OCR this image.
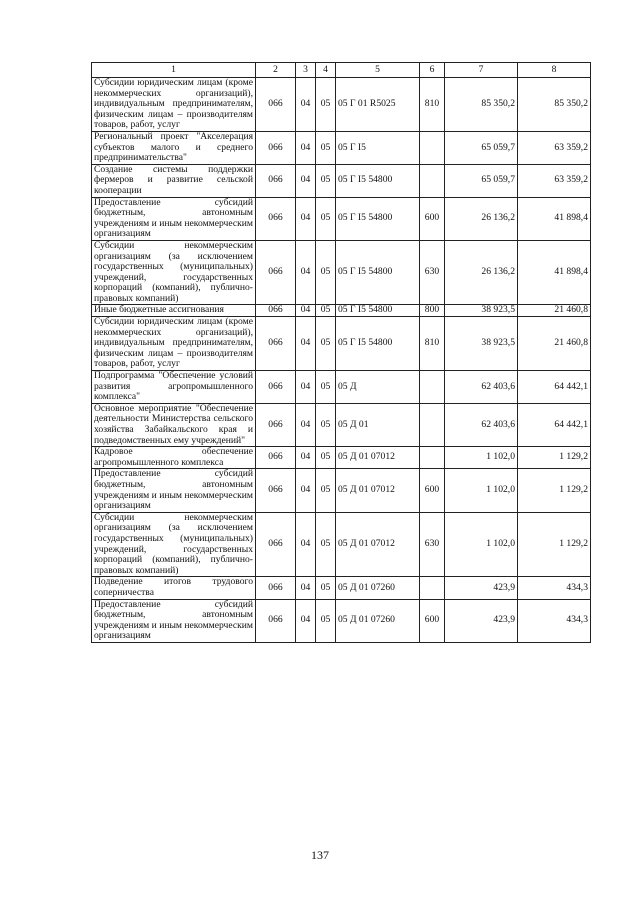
1	2	3	4	5	6	7	8
Субсидии юридическим лицам (кроме некоммерческих организаций), индивидуальным предпринимателям, физическим лицам – производителям товаров, работ, услуг	066	04	05	05 Г 01 R5025	810	85 350,2	85 350,2
Региональный проект "Акселерация субъектов малого и среднего предпринимательства"	066	04	05	05 Г I5		65 059,7	63 359,2
Создание системы поддержки фермеров и развитие сельской кооперации	066	04	05	05 Г I5 54800		65 059,7	63 359,2
Предоставление субсидий бюджетным, автономным учреждениям и иным некоммерческим организациям	066	04	05	05 Г I5 54800	600	26 136,2	41 898,4
Субсидии некоммерческим организациям (за исключением государственных (муниципальных) учреждений, государственных корпораций (компаний), публично-правовых компаний)	066	04	05	05 Г I5 54800	630	26 136,2	41 898,4
Иные бюджетные ассигнования	066	04	05	05 Г I5 54800	800	38 923,5	21 460,8
Субсидии юридическим лицам (кроме некоммерческих организаций), индивидуальным предпринимателям, физическим лицам – производителям товаров, работ, услуг	066	04	05	05 Г I5 54800	810	38 923,5	21 460,8
Подпрограмма "Обеспечение условий развития агропромышленного комплекса"	066	04	05	05 Д		62 403,6	64 442,1
Основное мероприятие "Обеспечение деятельности Министерства сельского хозяйства Забайкальского края и подведомственных ему учреждений"	066	04	05	05 Д 01		62 403,6	64 442,1
Кадровое обеспечение агропромышленного комплекса	066	04	05	05 Д 01 07012		1 102,0	1 129,2
Предоставление субсидий бюджетным, автономным учреждениям и иным некоммерческим организациям	066	04	05	05 Д 01 07012	600	1 102,0	1 129,2
Субсидии некоммерческим организациям (за исключением государственных (муниципальных) учреждений, государственных корпораций (компаний), публично-правовых компаний)	066	04	05	05 Д 01 07012	630	1 102,0	1 129,2
Подведение итогов трудового соперничества	066	04	05	05 Д 01 07260		423,9	434,3
Предоставление субсидий бюджетным, автономным учреждениям и иным некоммерческим организациям	066	04	05	05 Д 01 07260	600	423,9	434,3
137
